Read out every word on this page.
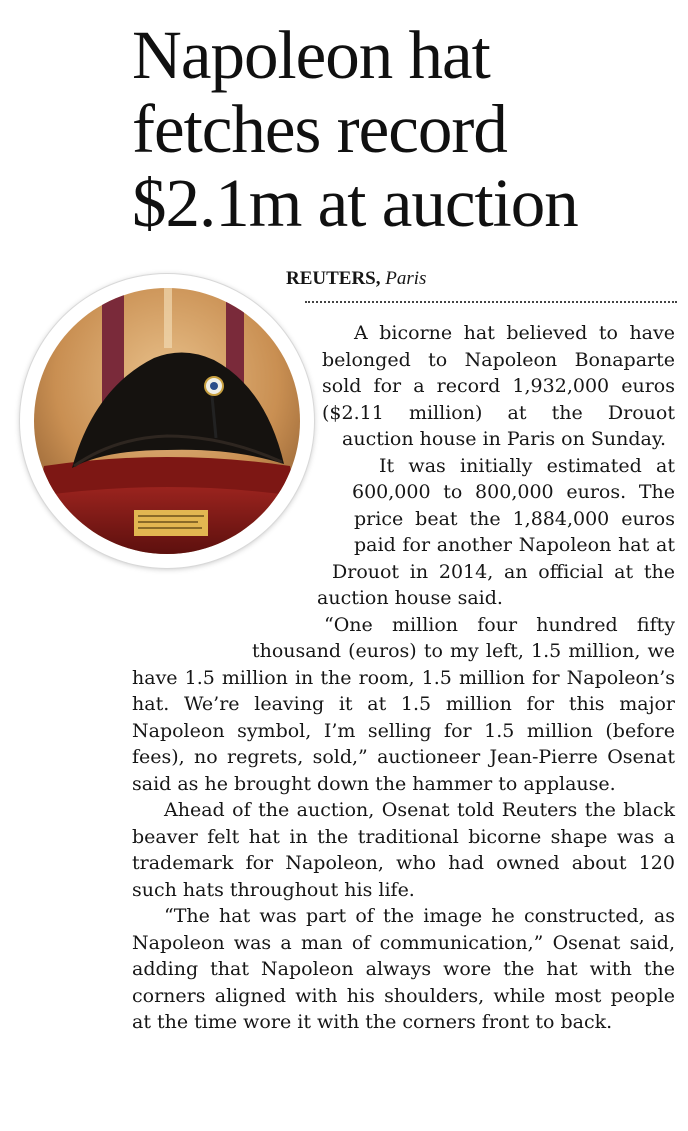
Napoleon hat
fetches record
$2.1m at auction
REUTERS, Paris

A bicorne hat believed to have belonged to Napoleon Bonaparte sold for a record 1,932,000 euros ($2.11 million) at the Drouot auction house in Paris on Sunday.

It was initially estimated at 600,000 to 800,000 euros. The price beat the 1,884,000 euros paid for another Napoleon hat at Drouot in 2014, an official at the auction house said.

“One million four hundred fifty thousand (euros) to my left, 1.5 million, we have 1.5 million in the room, 1.5 million for Napoleon’s hat. We’re leaving it at 1.5 million for this major Napoleon symbol, I’m selling for 1.5 million (before fees), no regrets, sold,” auctioneer Jean-Pierre Osenat said as he brought down the hammer to applause.

Ahead of the auction, Osenat told Reuters the black beaver felt hat in the traditional bicorne shape was a trademark for Napoleon, who had owned about 120 such hats throughout his life.

“The hat was part of the image he constructed, as Napoleon was a man of communication,” Osenat said, adding that Napoleon always wore the hat with the corners aligned with his shoulders, while most people at the time wore it with the corners front to back.
